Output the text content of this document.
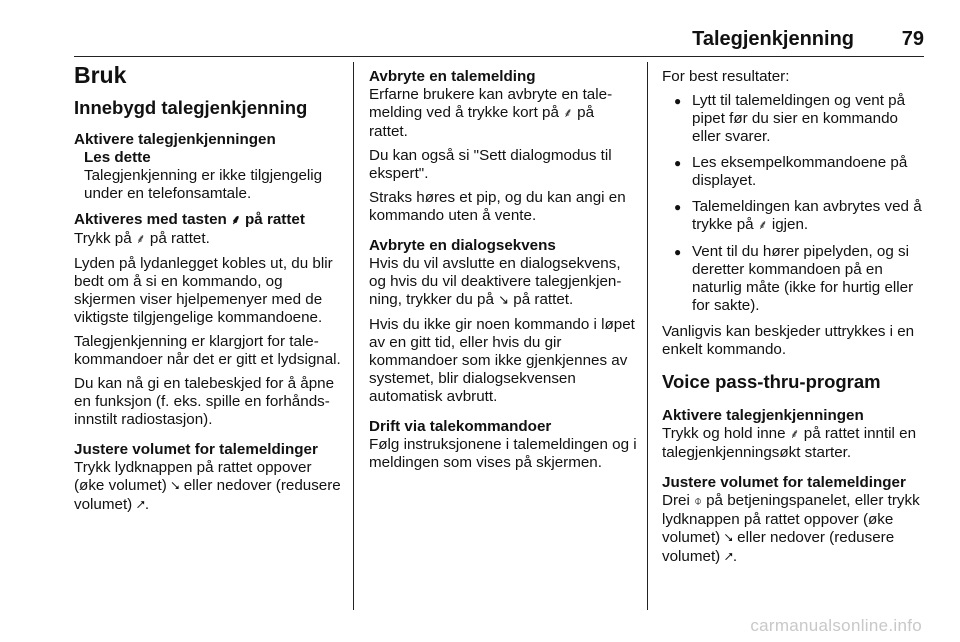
Talegjenkjenning 79
Bruk
Innebygd talegjenkjenning
Aktivere talegjenkjenningen
Les dette
Talegjenkjenning er ikke tilgjengelig under en telefonsamtale.
Aktiveres med tasten ⸙ på rattet

Trykk på ⸙ på rattet.

Lyden på lydanlegget kobles ut, du blir bedt om å si en kommando, og skjermen viser hjelpemenyer med de viktigste tilgjengelige kommandoene.

Talegjenkjenning er klargjort for talekommandoer når det er gitt et lydsignal.

Du kan nå gi en talebeskjed for å åpne en funksjon (f. eks. spille en forhåndsinnstilt radiostasjon).

Justere volumet for talemeldinger

Trykk lydknappen på rattet oppover (øke volumet) ⭨ eller nedover (redusere volumet) ⭧.

Avbryte en talemelding

Erfarne brukere kan avbryte en talemelding ved å trykke kort på ⸙ på rattet.

Du kan også si "Sett dialogmodus til ekspert".

Straks høres et pip, og du kan angi en kommando uten å vente.

Avbryte en dialogsekvens

Hvis du vil avslutte en dialogsekvens, og hvis du vil deaktivere talegjenkjenning, trykker du på ↘ på rattet.

Hvis du ikke gir noen kommando i løpet av en gitt tid, eller hvis du gir kommandoer som ikke gjenkjennes av systemet, blir dialogsekvensen automatisk avbrutt.

Drift via talekommandoer

Følg instruksjonene i talemeldingen og i meldingen som vises på skjermen.

For best resultater:

● Lytt til talemeldingen og vent på pipet før du sier en kommando eller svarer.
● Les eksempelkommandoene på displayet.
● Talemeldingen kan avbrytes ved å trykke på ⸙ igjen.
● Vent til du hører pipelyden, og si deretter kommandoen på en naturlig måte (ikke for hurtig eller for sakte).

Vanligvis kan beskjeder uttrykkes i en enkelt kommando.

Voice pass-thru-program
Aktivere talegjenkjenningen

Trykk og hold inne ⸙ på rattet inntil en talegjenkjenningsøkt starter.

Justere volumet for talemeldinger

Drei ⌽ på betjeningspanelet, eller trykk lydknappen på rattet oppover (øke volumet) ⭨ eller nedover (redusere volumet) ⭧.

carmanualsonline.info
